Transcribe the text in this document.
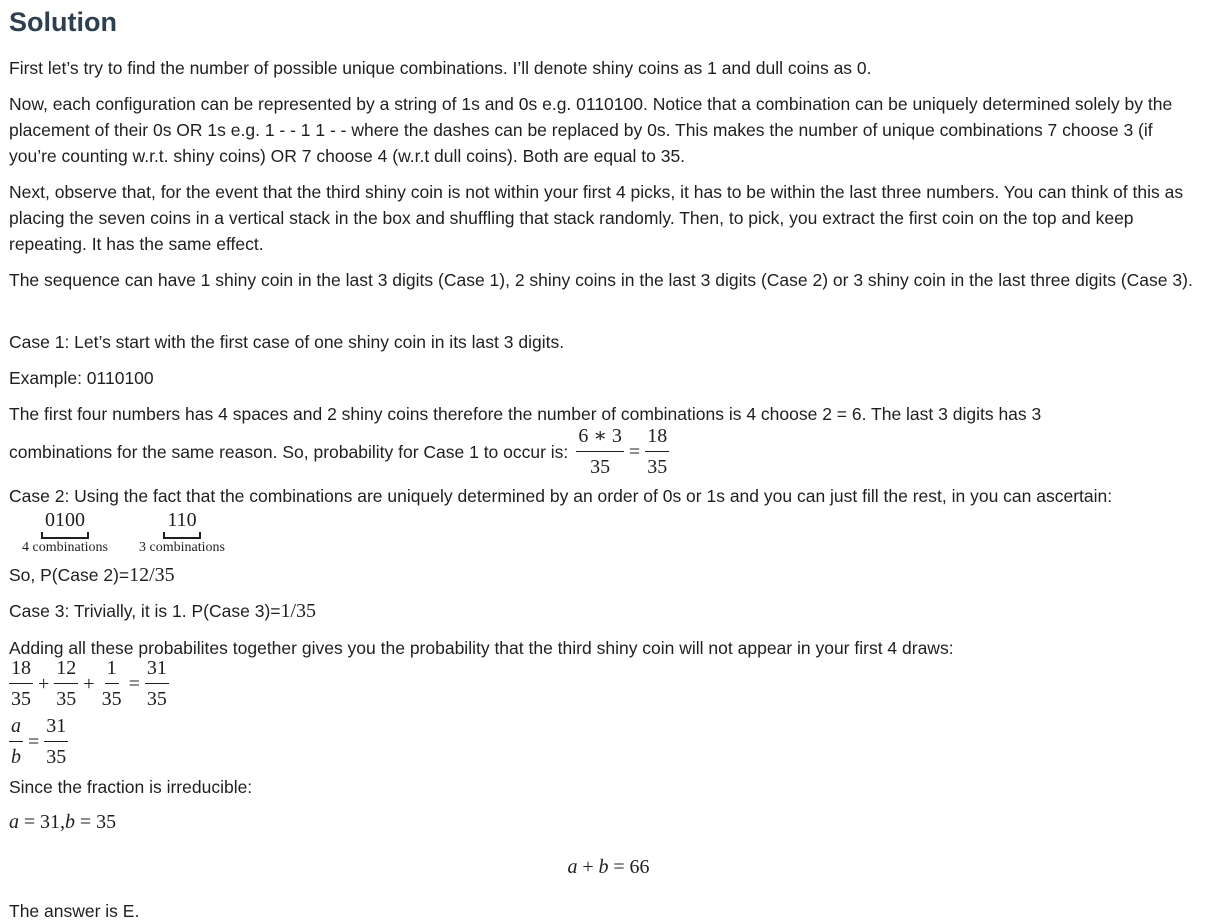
Solution

First let’s try to find the number of possible unique combinations. I’ll denote shiny coins as 1 and dull coins as 0.

Now, each configuration can be represented by a string of 1s and 0s e.g. 0110100. Notice that a combination can be uniquely determined solely by the placement of their 0s OR 1s e.g. 1 - - 1 1 - - where the dashes can be replaced by 0s. This makes the number of unique combinations 7 choose 3 (if you’re counting w.r.t. shiny coins) OR 7 choose 4 (w.r.t dull coins). Both are equal to 35.

Next, observe that, for the event that the third shiny coin is not within your first 4 picks, it has to be within the last three numbers. You can think of this as placing the seven coins in a vertical stack in the box and shuffling that stack randomly. Then, to pick, you extract the first coin on the top and keep repeating. It has the same effect.

The sequence can have 1 shiny coin in the last 3 digits (Case 1), 2 shiny coins in the last 3 digits (Case 2) or 3 shiny coin in the last three digits (Case 3).

Case 1: Let’s start with the first case of one shiny coin in its last 3 digits.

Example: 0110100

The first four numbers has 4 spaces and 2 shiny coins therefore the number of combinations is 4 choose 2 = 6. The last 3 digits has 3

combinations for the same reason. So, probability for Case 1 to occur is: $\frac{6 ∗ 3}{35} = \frac{18}{35}$

Case 2: Using the fact that the combinations are uniquely determined by an order of 0s or 1s and you can just fill the rest, in you can ascertain:

0100
4 combinations
110
3 combinations

So, P(Case 2)=12/35

Case 3: Trivially, it is 1. P(Case 3)=1/35

Adding all these probabilites together gives you the probability that the third shiny coin will not appear in your first 4 draws:

$\frac{18}{35} + \frac{12}{35} + \frac{1}{35} = \frac{31}{35}$
$\frac{a}{b} = \frac{31}{35}$

Since the fraction is irreducible:

a = 31,b = 35

a + b = 66

The answer is E.
